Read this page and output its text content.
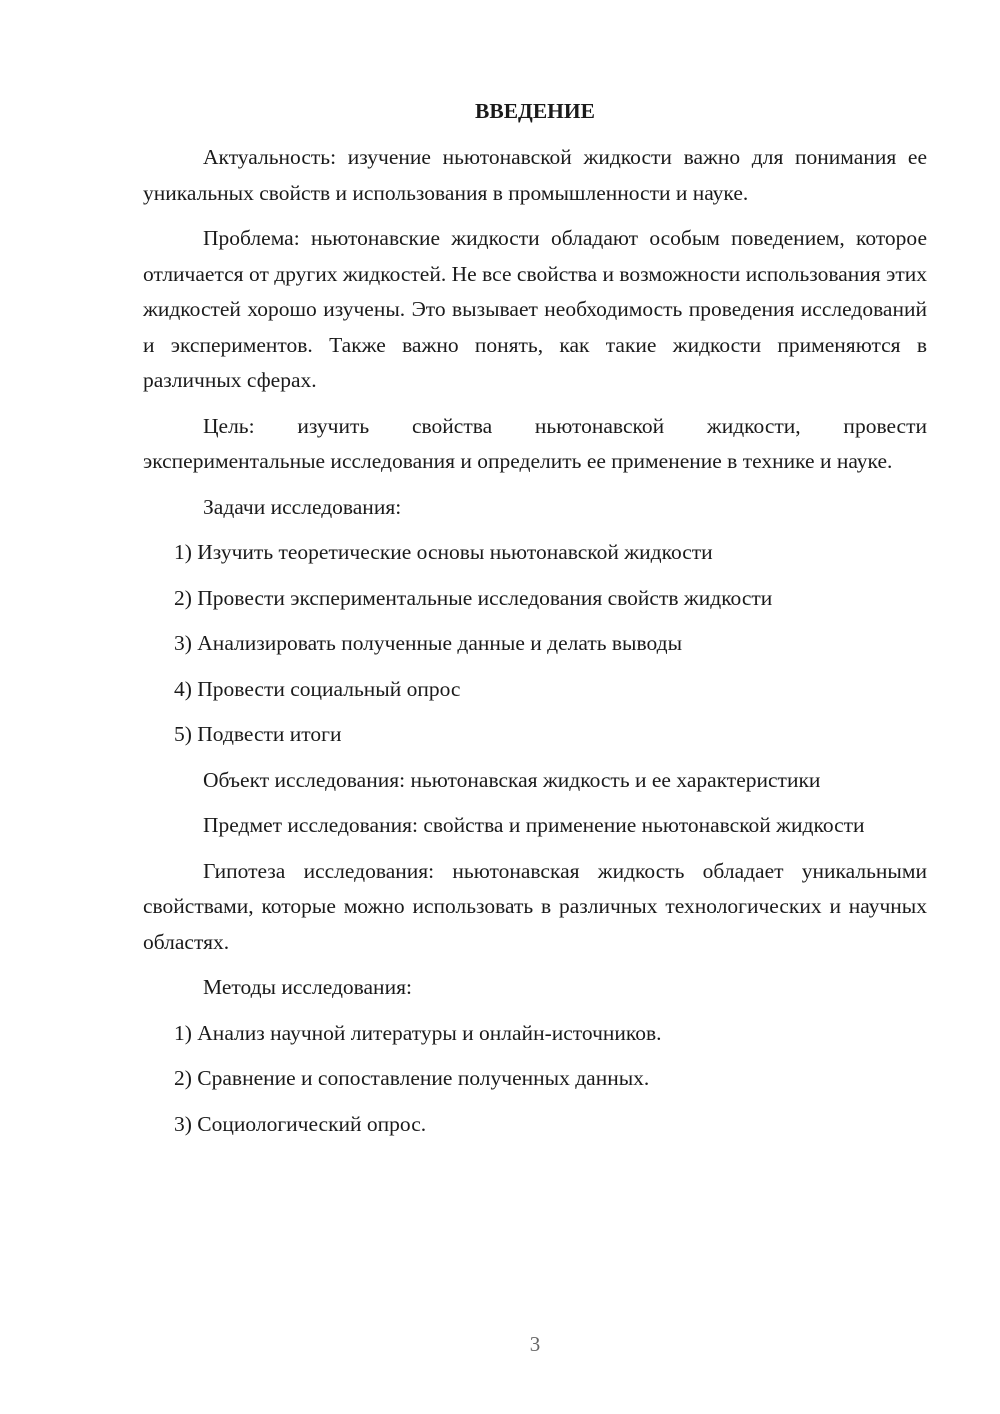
ВВЕДЕНИЕ

Актуальность: изучение ньютонавской жидкости важно для понимания ее уникальных свойств и использования в промышленности и науке.

Проблема: ньютонавские жидкости обладают особым поведением, которое отличается от других жидкостей. Не все свойства и возможности использования этих жидкостей хорошо изучены. Это вызывает необходимость проведения исследований и экспериментов. Также важно понять, как такие жидкости применяются в различных сферах.

Цель: изучить свойства ньютонавской жидкости, провести экспериментальные исследования и определить ее применение в технике и науке.

Задачи исследования:
1) Изучить теоретические основы ньютонавской жидкости
2) Провести экспериментальные исследования свойств жидкости
3) Анализировать полученные данные и делать выводы
4) Провести социальный опрос
5) Подвести итоги
Объект исследования: ньютонавская жидкость и ее характеристики

Предмет исследования: свойства и применение ньютонавской жидкости

Гипотеза исследования: ньютонавская жидкость обладает уникальными свойствами, которые можно использовать в различных технологических и научных областях.

Методы исследования:
1) Анализ научной литературы и онлайн-источников.
2) Сравнение и сопоставление полученных данных.
3) Социологический опрос.
3
